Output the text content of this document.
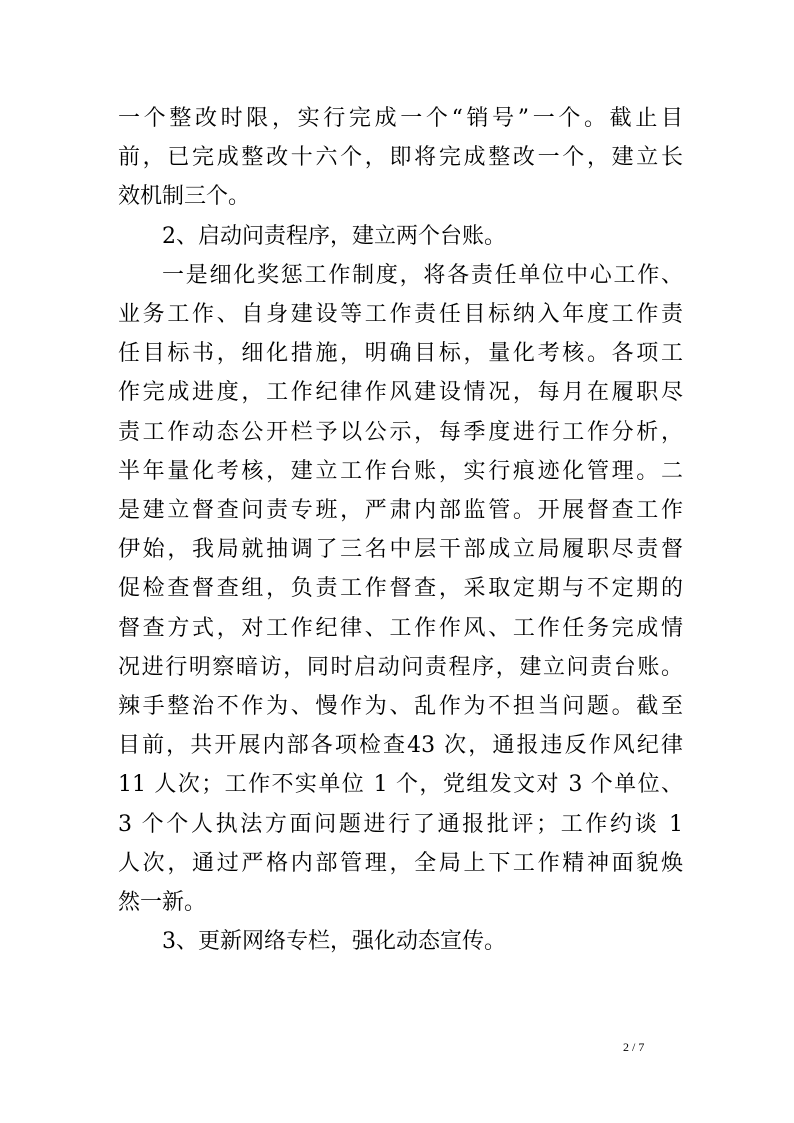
一个整改时限，实行完成一个“销号”一个。截止目
前，已完成整改十六个，即将完成整改一个，建立长
效机制三个。

2、启动问责程序，建立两个台账。

一是细化奖惩工作制度，将各责任单位中心工作、
业务工作、自身建设等工作责任目标纳入年度工作责
任目标书，细化措施，明确目标，量化考核。各项工
作完成进度，工作纪律作风建设情况，每月在履职尽
责工作动态公开栏予以公示，每季度进行工作分析，
半年量化考核，建立工作台账，实行痕迹化管理。二
是建立督查问责专班，严肃内部监管。开展督查工作
伊始，我局就抽调了三名中层干部成立局履职尽责督
促检查督查组，负责工作督查，采取定期与不定期的
督查方式，对工作纪律、工作作风、工作任务完成情
况进行明察暗访，同时启动问责程序，建立问责台账。
辣手整治不作为、慢作为、乱作为不担当问题。截至
目前，共开展内部各项检查43 次，通报违反作风纪律
11 人次；工作不实单位 1 个，党组发文对 3 个单位、
3 个个人执法方面问题进行了通报批评；工作约谈 1
人次，通过严格内部管理，全局上下工作精神面貌焕
然一新。

3、更新网络专栏，强化动态宣传。

2 / 7
